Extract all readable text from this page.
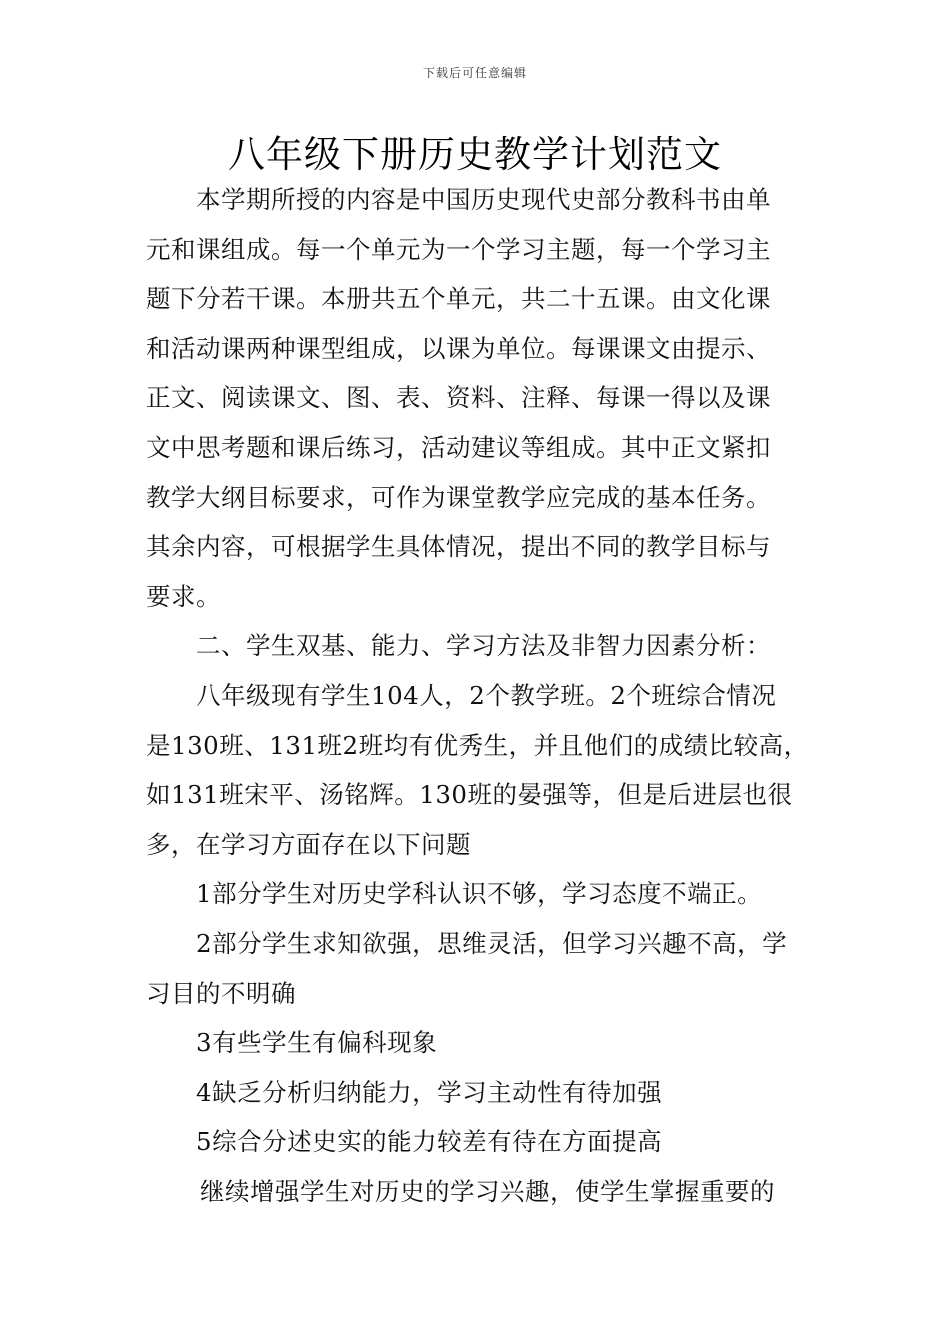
下载后可任意编辑
八年级下册历史教学计划范文
本学期所授的内容是中国历史现代史部分教科书由单
元和课组成。每一个单元为一个学习主题，每一个学习主
题下分若干课。本册共五个单元，共二十五课。由文化课
和活动课两种课型组成，以课为单位。每课课文由提示、
正文、阅读课文、图、表、资料、注释、每课一得以及课
文中思考题和课后练习，活动建议等组成。其中正文紧扣
教学大纲目标要求，可作为课堂教学应完成的基本任务。
其余内容，可根据学生具体情况，提出不同的教学目标与
要求。
二、学生双基、能力、学习方法及非智力因素分析：
八年级现有学生104人，2个教学班。2个班综合情况
是130班、131班2班均有优秀生，并且他们的成绩比较高，
如131班宋平、汤铭辉。130班的晏强等，但是后进层也很
多，在学习方面存在以下问题
1部分学生对历史学科认识不够，学习态度不端正。
2部分学生求知欲强，思维灵活，但学习兴趣不高，学
习目的不明确
3有些学生有偏科现象
4缺乏分析归纳能力，学习主动性有待加强
5综合分述史实的能力较差有待在方面提高
继续增强学生对历史的学习兴趣，使学生掌握重要的
